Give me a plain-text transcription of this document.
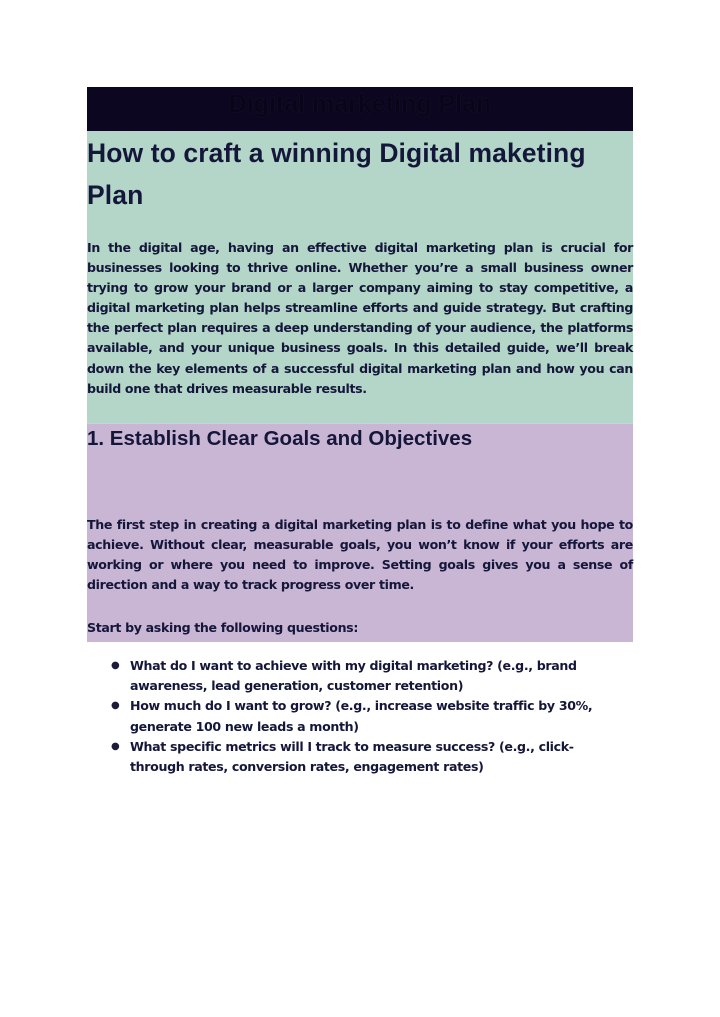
Digital marketing Plan
How to craft a winning Digital maketing Plan

In the digital age, having an effective digital marketing plan is crucial for businesses looking to thrive online. Whether you’re a small business owner trying to grow your brand or a larger company aiming to stay competitive, a digital marketing plan helps streamline efforts and guide strategy. But crafting the perfect plan requires a deep understanding of your audience, the platforms available, and your unique business goals. In this detailed guide, we’ll break down the key elements of a successful digital marketing plan and how you can build one that drives measurable results.

1. Establish Clear Goals and Objectives

The first step in creating a digital marketing plan is to define what you hope to achieve. Without clear, measurable goals, you won’t know if your efforts are working or where you need to improve. Setting goals gives you a sense of direction and a way to track progress over time.

Start by asking the following questions:

● What do I want to achieve with my digital marketing? (e.g., brand awareness, lead generation, customer retention)

● How much do I want to grow? (e.g., increase website traffic by 30%, generate 100 new leads a month)

● What specific metrics will I track to measure success? (e.g., click-through rates, conversion rates, engagement rates)
